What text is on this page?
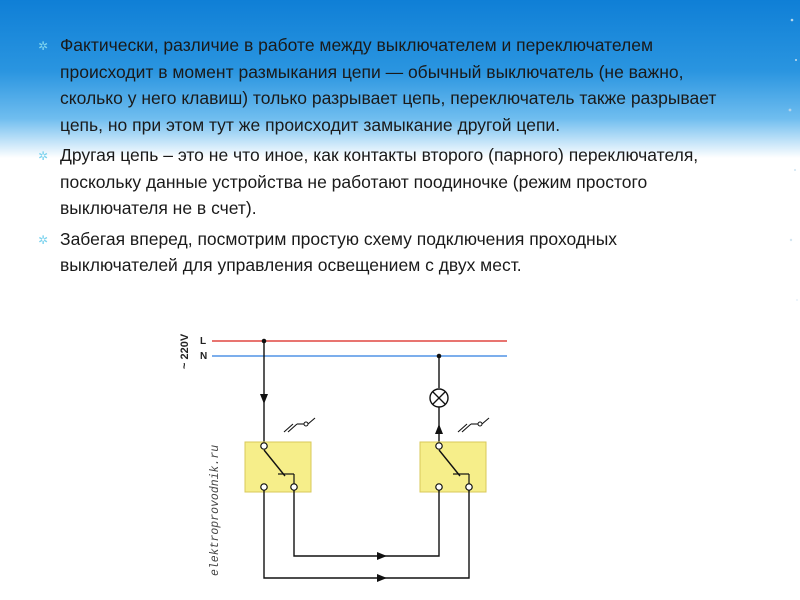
✲ Фактически, различие в работе между выключателем и переключателем происходит в момент размыкания цепи — обычный выключатель (не важно, сколько у него клавиш) только разрывает цепь, переключатель также разрывает цепь, но при этом тут же происходит замыкание другой цепи.
✲ Другая цепь – это не что иное, как контакты второго (парного) переключателя, поскольку данные устройства не работают поодиночке (режим простого выключателя не в счет).
✲ Забегая вперед, посмотрим простую схему подключения проходных выключателей для управления освещением с двух мест.
~ 220V L
N
elektroprovodnik.ru
